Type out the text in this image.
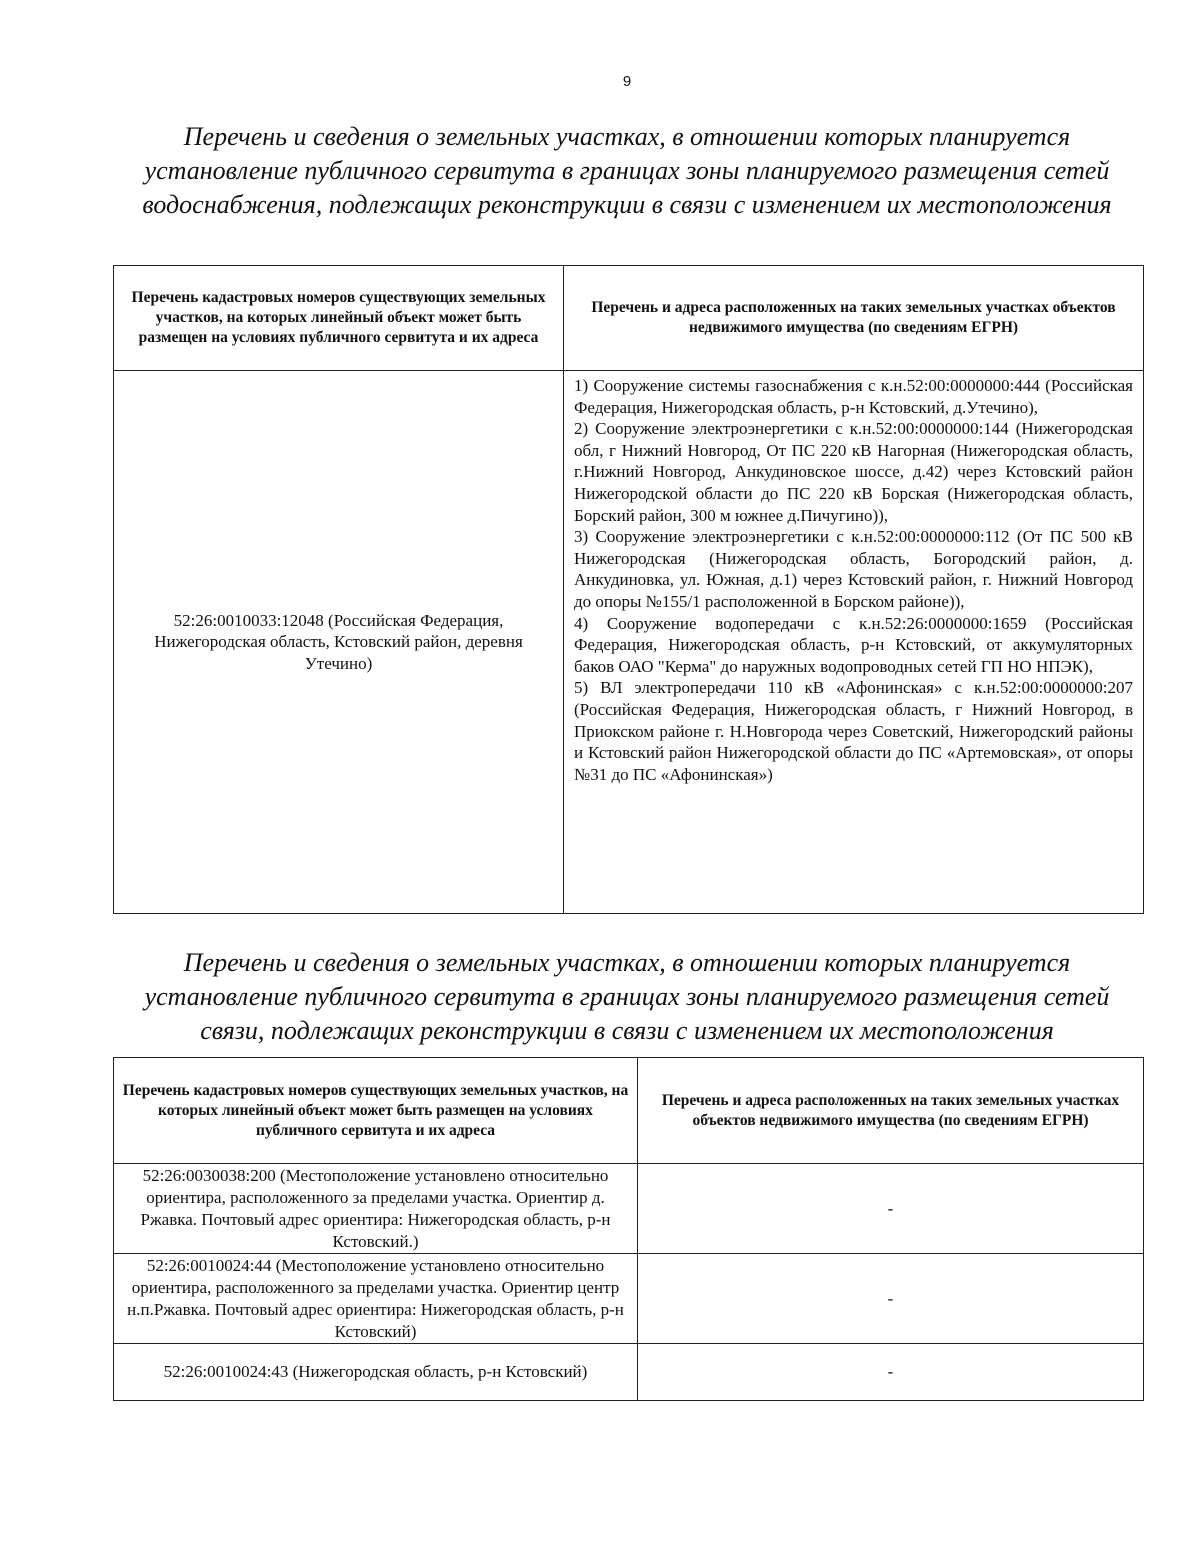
9
Перечень и сведения о земельных участках, в отношении которых планируется установление публичного сервитута в границах зоны планируемого размещения сетей водоснабжения, подлежащих реконструкции в связи с изменением их местоположения
Перечень кадастровых номеров существующих земельных участков, на которых линейный объект может быть размещен на условиях публичного сервитута и их адреса	Перечень и адреса расположенных на таких земельных участках объектов недвижимого имущества (по сведениям ЕГРН)
52:26:0010033:12048 (Российская Федерация, Нижегородская область, Кстовский район, деревня Утечино)	1) Сооружение системы газоснабжения с к.н.52:00:0000000:444 (Российская Федерация, Нижегородская область, р-н Кстовский, д.Утечино),
2) Сооружение электроэнергетики с к.н.52:00:0000000:144 (Нижегородская обл, г Нижний Новгород, От ПС 220 кВ Нагорная (Нижегородская область, г.Нижний Новгород, Анкудиновское шоссе, д.42) через Кстовский район Нижегородской области до ПС 220 кВ Борская (Нижегородская область, Борский район, 300 м южнее д.Пичугино)),
3) Сооружение электроэнергетики с к.н.52:00:0000000:112 (От ПС 500 кВ Нижегородская (Нижегородская область, Богородский район, д. Анкудиновка, ул. Южная, д.1) через Кстовский район, г. Нижний Новгород до опоры №155/1 расположенной в Борском районе)),
4) Сооружение водопередачи с к.н.52:26:0000000:1659 (Российская Федерация, Нижегородская область, р-н Кстовский, от аккумуляторных баков ОАО "Керма" до наружных водопроводных сетей ГП НО НПЭК),
5) ВЛ электропередачи 110 кВ «Афонинская» с к.н.52:00:0000000:207 (Российская Федерация, Нижегородская область, г Нижний Новгород, в Приокском районе г. Н.Новгорода через Советский, Нижегородский районы и Кстовский район Нижегородской области до ПС «Артемовская», от опоры №31 до ПС «Афонинская»)
Перечень и сведения о земельных участках, в отношении которых планируется установление публичного сервитута в границах зоны планируемого размещения сетей связи, подлежащих реконструкции в связи с изменением их местоположения
Перечень кадастровых номеров существующих земельных участков, на которых линейный объект может быть размещен на условиях публичного сервитута и их адреса	Перечень и адреса расположенных на таких земельных участках объектов недвижимого имущества (по сведениям ЕГРН)
52:26:0030038:200 (Местоположение установлено относительно ориентира, расположенного за пределами участка. Ориентир д. Ржавка. Почтовый адрес ориентира: Нижегородская область, р-н Кстовский.)	-
52:26:0010024:44 (Местоположение установлено относительно ориентира, расположенного за пределами участка. Ориентир центр н.п.Ржавка. Почтовый адрес ориентира: Нижегородская область, р-н Кстовский)	-
52:26:0010024:43 (Нижегородская область, р-н Кстовский)	-
